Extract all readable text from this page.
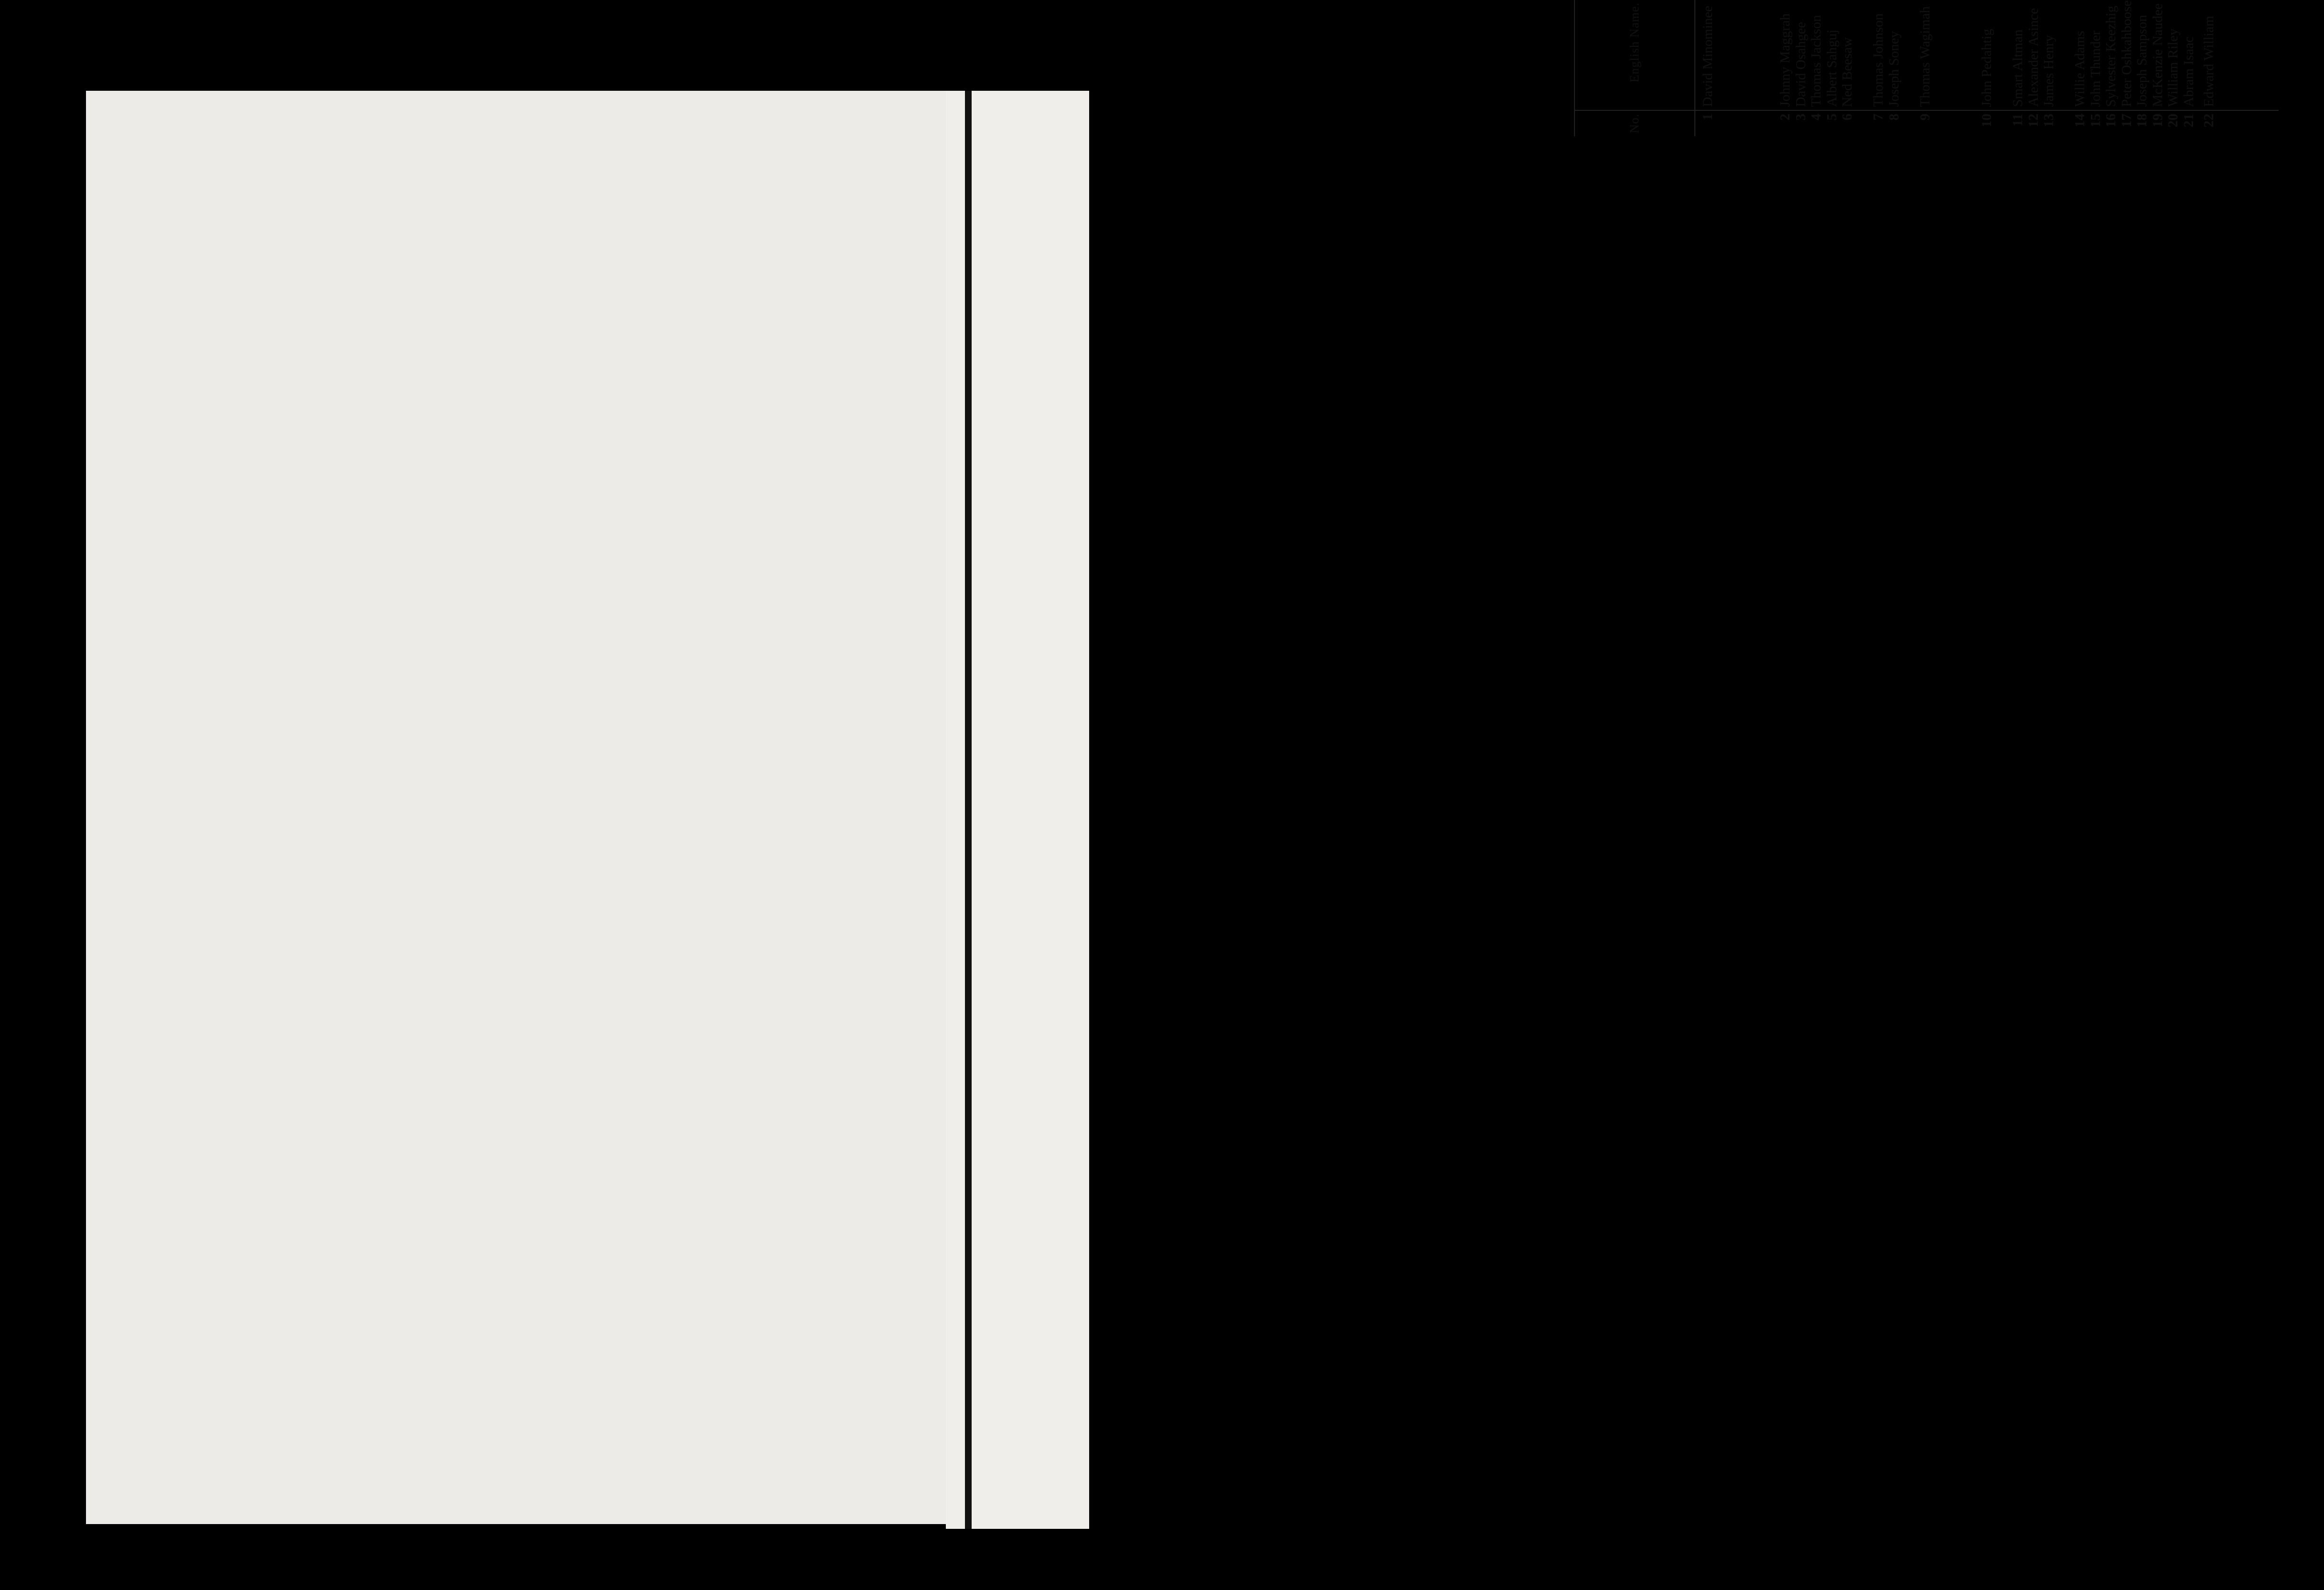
No.	English Name.									
1	David Minominee									
2	Johnny Maggrah									
3	David Osahgee									
4	Thomas Jackson									
5	Albert Sahguj									
6	Ned Beesaw									
7	Thomas Johnson									
8	Joseph Soney									
9	Thomas Wagimah									
10	John Pedahtig									
11	Smart Altman									
12	Alexander Asince									
13	James Henry									
14	Willie Adams									
15	John Thunder									
16	Sylvester Keezhig									
17	Peter Oshkahboose									
18	Joseph Sampson									
19	McKenzie Naudee									
20	William Riley									
21	Abram Isaac									
22	Edward William									
